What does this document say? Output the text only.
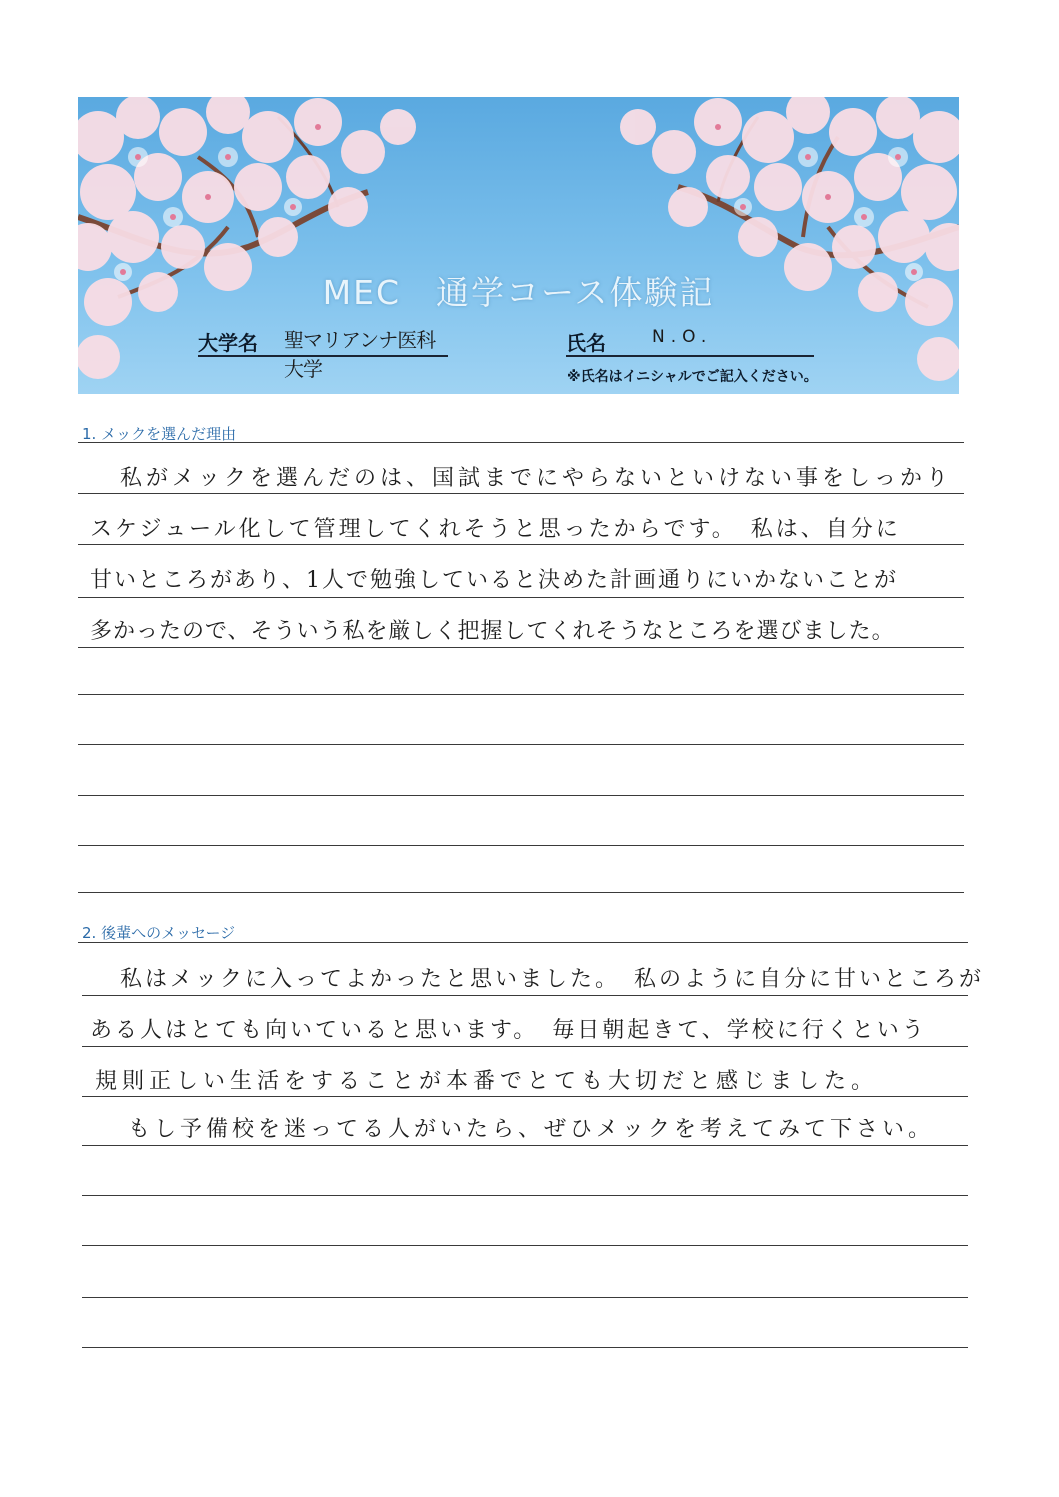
MEC　通学コース体験記
大学名 聖マリアンナ医科大学
氏名	N.O.
※氏名はイニシャルでご記入ください。
1. メックを選んだ理由
私がメックを選んだのは、国試までにやらないといけない事をしっかり
スケジュール化して管理してくれそうと思ったからです。　私は、自分に
甘いところがあり、1人で勉強していると決めた計画通りにいかないことが
多かったので、そういう私を厳しく把握してくれそうなところを選びました。
2. 後輩へのメッセージ
私はメックに入ってよかったと思いました。　私のように自分に甘いところが
ある人はとても向いていると思います。　毎日朝起きて、学校に行くという
規則正しい生活をすることが本番でとても大切だと感じました。
もし予備校を迷ってる人がいたら、ぜひメックを考えてみて下さい。
